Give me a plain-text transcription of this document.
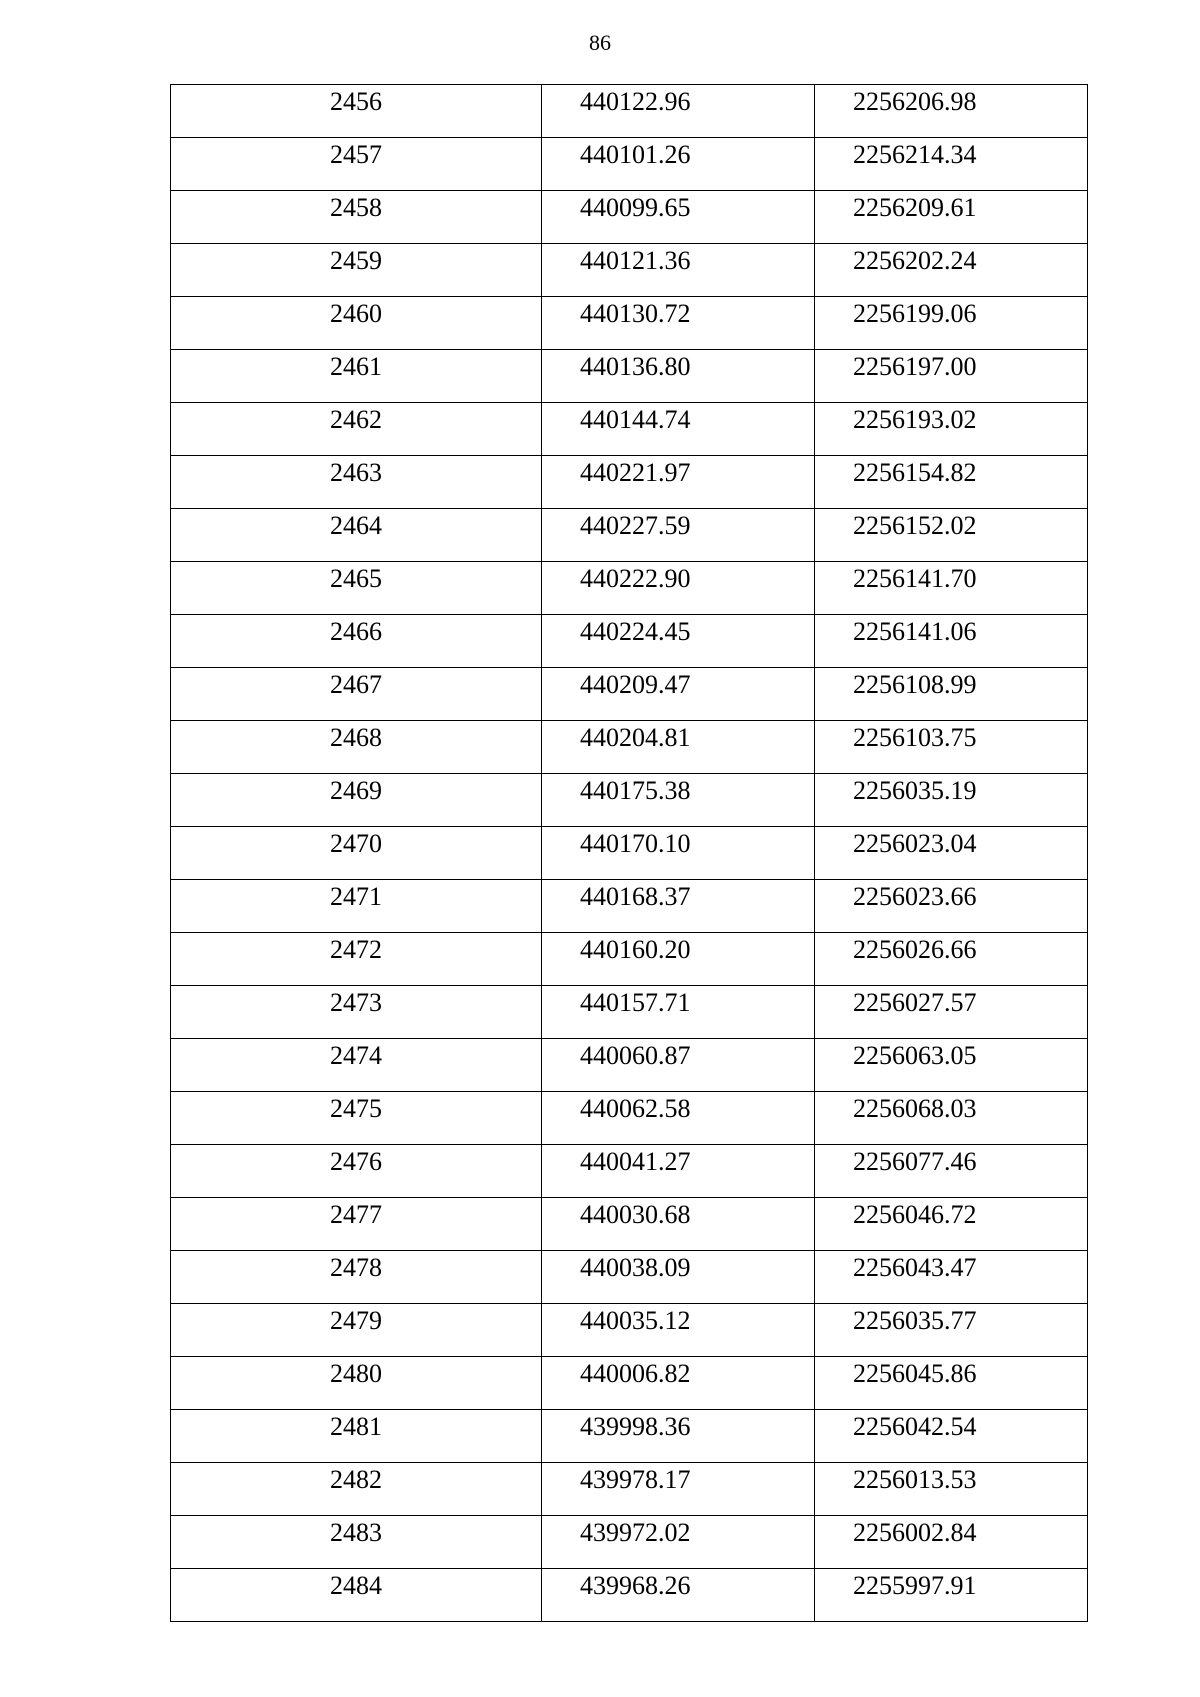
86
2456	440122.96	2256206.98
2457	440101.26	2256214.34
2458	440099.65	2256209.61
2459	440121.36	2256202.24
2460	440130.72	2256199.06
2461	440136.80	2256197.00
2462	440144.74	2256193.02
2463	440221.97	2256154.82
2464	440227.59	2256152.02
2465	440222.90	2256141.70
2466	440224.45	2256141.06
2467	440209.47	2256108.99
2468	440204.81	2256103.75
2469	440175.38	2256035.19
2470	440170.10	2256023.04
2471	440168.37	2256023.66
2472	440160.20	2256026.66
2473	440157.71	2256027.57
2474	440060.87	2256063.05
2475	440062.58	2256068.03
2476	440041.27	2256077.46
2477	440030.68	2256046.72
2478	440038.09	2256043.47
2479	440035.12	2256035.77
2480	440006.82	2256045.86
2481	439998.36	2256042.54
2482	439978.17	2256013.53
2483	439972.02	2256002.84
2484	439968.26	2255997.91
